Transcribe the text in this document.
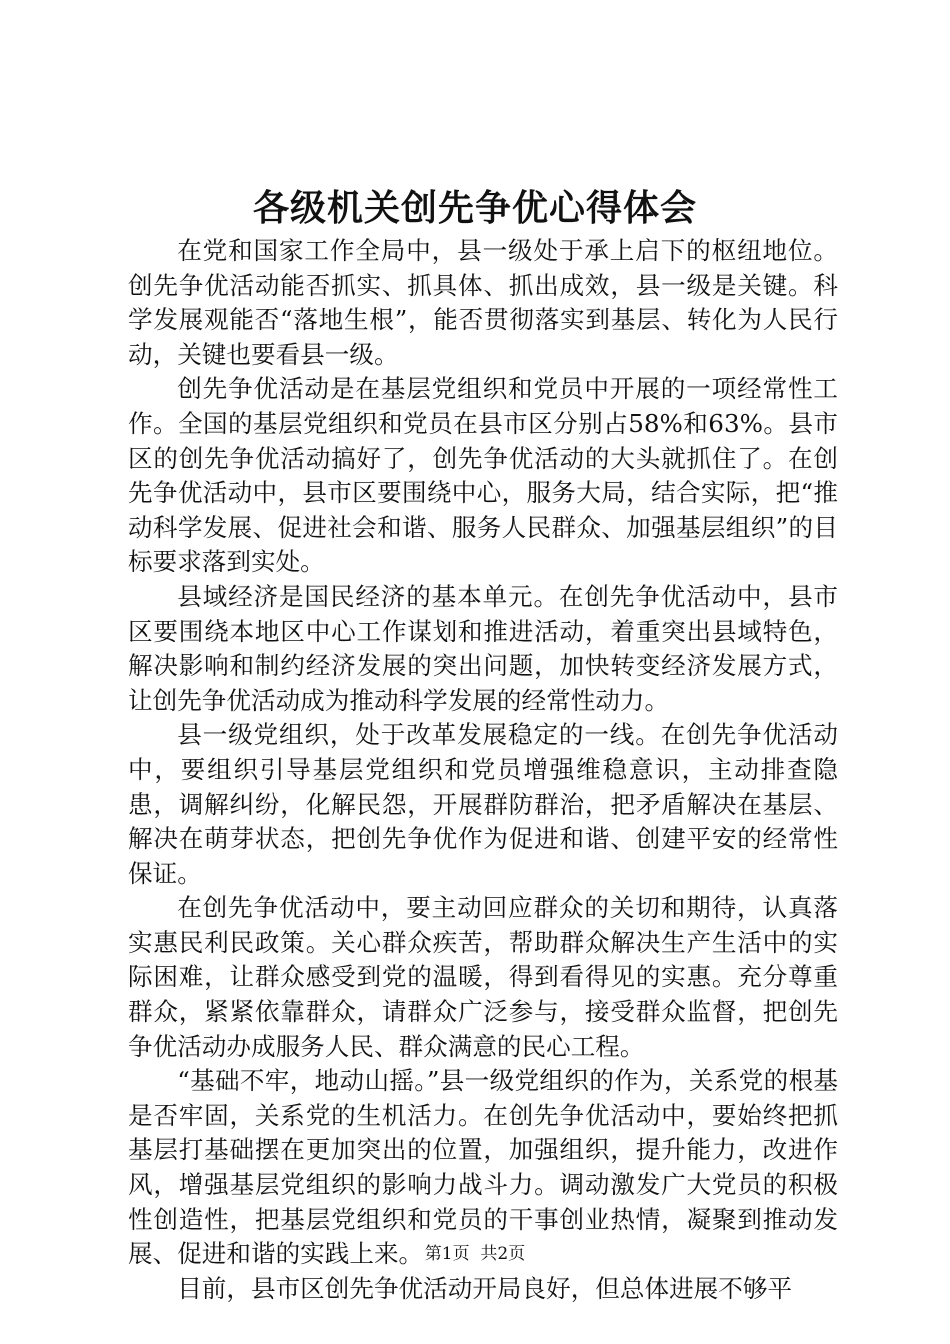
各级机关创先争优心得体会

在党和国家工作全局中，县一级处于承上启下的枢纽地位。创先争优活动能否抓实、抓具体、抓出成效，县一级是关键。科学发展观能否“落地生根”，能否贯彻落实到基层、转化为人民行动，关键也要看县一级。

创先争优活动是在基层党组织和党员中开展的一项经常性工作。全国的基层党组织和党员在县市区分别占58%和63%。县市区的创先争优活动搞好了，创先争优活动的大头就抓住了。在创先争优活动中，县市区要围绕中心，服务大局，结合实际，把“推动科学发展、促进社会和谐、服务人民群众、加强基层组织”的目标要求落到实处。

县域经济是国民经济的基本单元。在创先争优活动中，县市区要围绕本地区中心工作谋划和推进活动，着重突出县域特色，解决影响和制约经济发展的突出问题，加快转变经济发展方式，让创先争优活动成为推动科学发展的经常性动力。

县一级党组织，处于改革发展稳定的一线。在创先争优活动中，要组织引导基层党组织和党员增强维稳意识，主动排查隐患，调解纠纷，化解民怨，开展群防群治，把矛盾解决在基层、解决在萌芽状态，把创先争优作为促进和谐、创建平安的经常性保证。

在创先争优活动中，要主动回应群众的关切和期待，认真落实惠民利民政策。关心群众疾苦，帮助群众解决生产生活中的实际困难，让群众感受到党的温暖，得到看得见的实惠。充分尊重群众，紧紧依靠群众，请群众广泛参与，接受群众监督，把创先争优活动办成服务人民、群众满意的民心工程。

“基础不牢，地动山摇。”县一级党组织的作为，关系党的根基是否牢固，关系党的生机活力。在创先争优活动中，要始终把抓基层打基础摆在更加突出的位置，加强组织，提升能力，改进作风，增强基层党组织的影响力战斗力。调动激发广大党员的积极性创造性，把基层党组织和党员的干事创业热情，凝聚到推动发展、促进和谐的实践上来。

目前，县市区创先争优活动开局良好，但总体进展不够平

第1页  共2页
